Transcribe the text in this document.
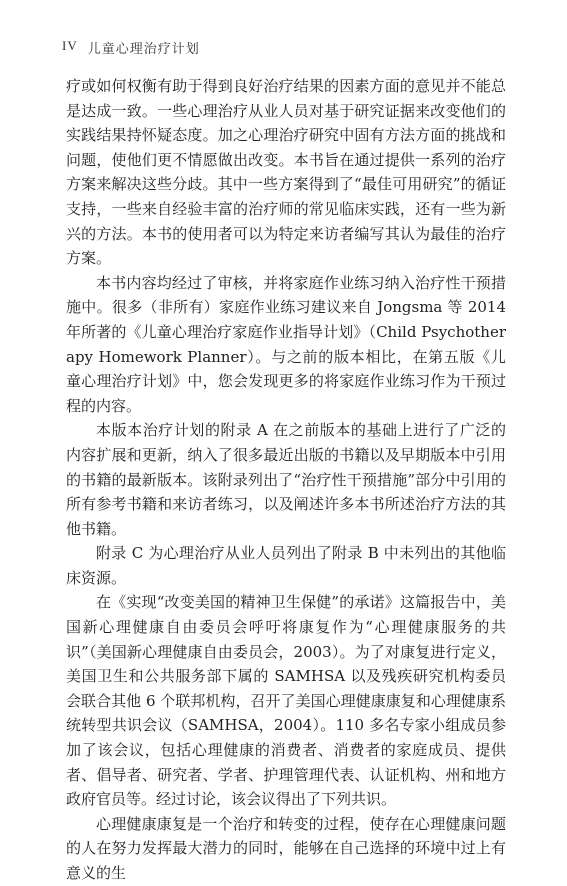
IV 儿童心理治疗计划

疗或如何权衡有助于得到良好治疗结果的因素方面的意见并不能总是达成一致。一些心理治疗从业人员对基于研究证据来改变他们的实践结果持怀疑态度。加之心理治疗研究中固有方法方面的挑战和问题，使他们更不情愿做出改变。本书旨在通过提供一系列的治疗方案来解决这些分歧。其中一些方案得到了“最佳可用研究”的循证支持，一些来自经验丰富的治疗师的常见临床实践，还有一些为新兴的方法。本书的使用者可以为特定来访者编写其认为最佳的治疗方案。

本书内容均经过了审核，并将家庭作业练习纳入治疗性干预措施中。很多（非所有）家庭作业练习建议来自 Jongsma 等 2014 年所著的《儿童心理治疗家庭作业指导计划》（Child Psychotherapy Homework Planner）。与之前的版本相比，在第五版《儿童心理治疗计划》中，您会发现更多的将家庭作业练习作为干预过程的内容。

本版本治疗计划的附录 A 在之前版本的基础上进行了广泛的内容扩展和更新，纳入了很多最近出版的书籍以及早期版本中引用的书籍的最新版本。该附录列出了“治疗性干预措施”部分中引用的所有参考书籍和来访者练习，以及阐述许多本书所述治疗方法的其他书籍。

附录 C 为心理治疗从业人员列出了附录 B 中未列出的其他临床资源。

在《实现“改变美国的精神卫生保健”的承诺》这篇报告中，美国新心理健康自由委员会呼吁将康复作为“心理健康服务的共识”（美国新心理健康自由委员会，2003）。为了对康复进行定义，美国卫生和公共服务部下属的 SAMHSA 以及残疾研究机构委员会联合其他 6 个联邦机构，召开了美国心理健康康复和心理健康系统转型共识会议（SAMHSA，2004）。110 多名专家小组成员参加了该会议，包括心理健康的消费者、消费者的家庭成员、提供者、倡导者、研究者、学者、护理管理代表、认证机构、州和地方政府官员等。经过讨论，该会议得出了下列共识。

心理健康康复是一个治疗和转变的过程，使存在心理健康问题的人在努力发挥最大潜力的同时，能够在自己选择的环境中过上有意义的生
